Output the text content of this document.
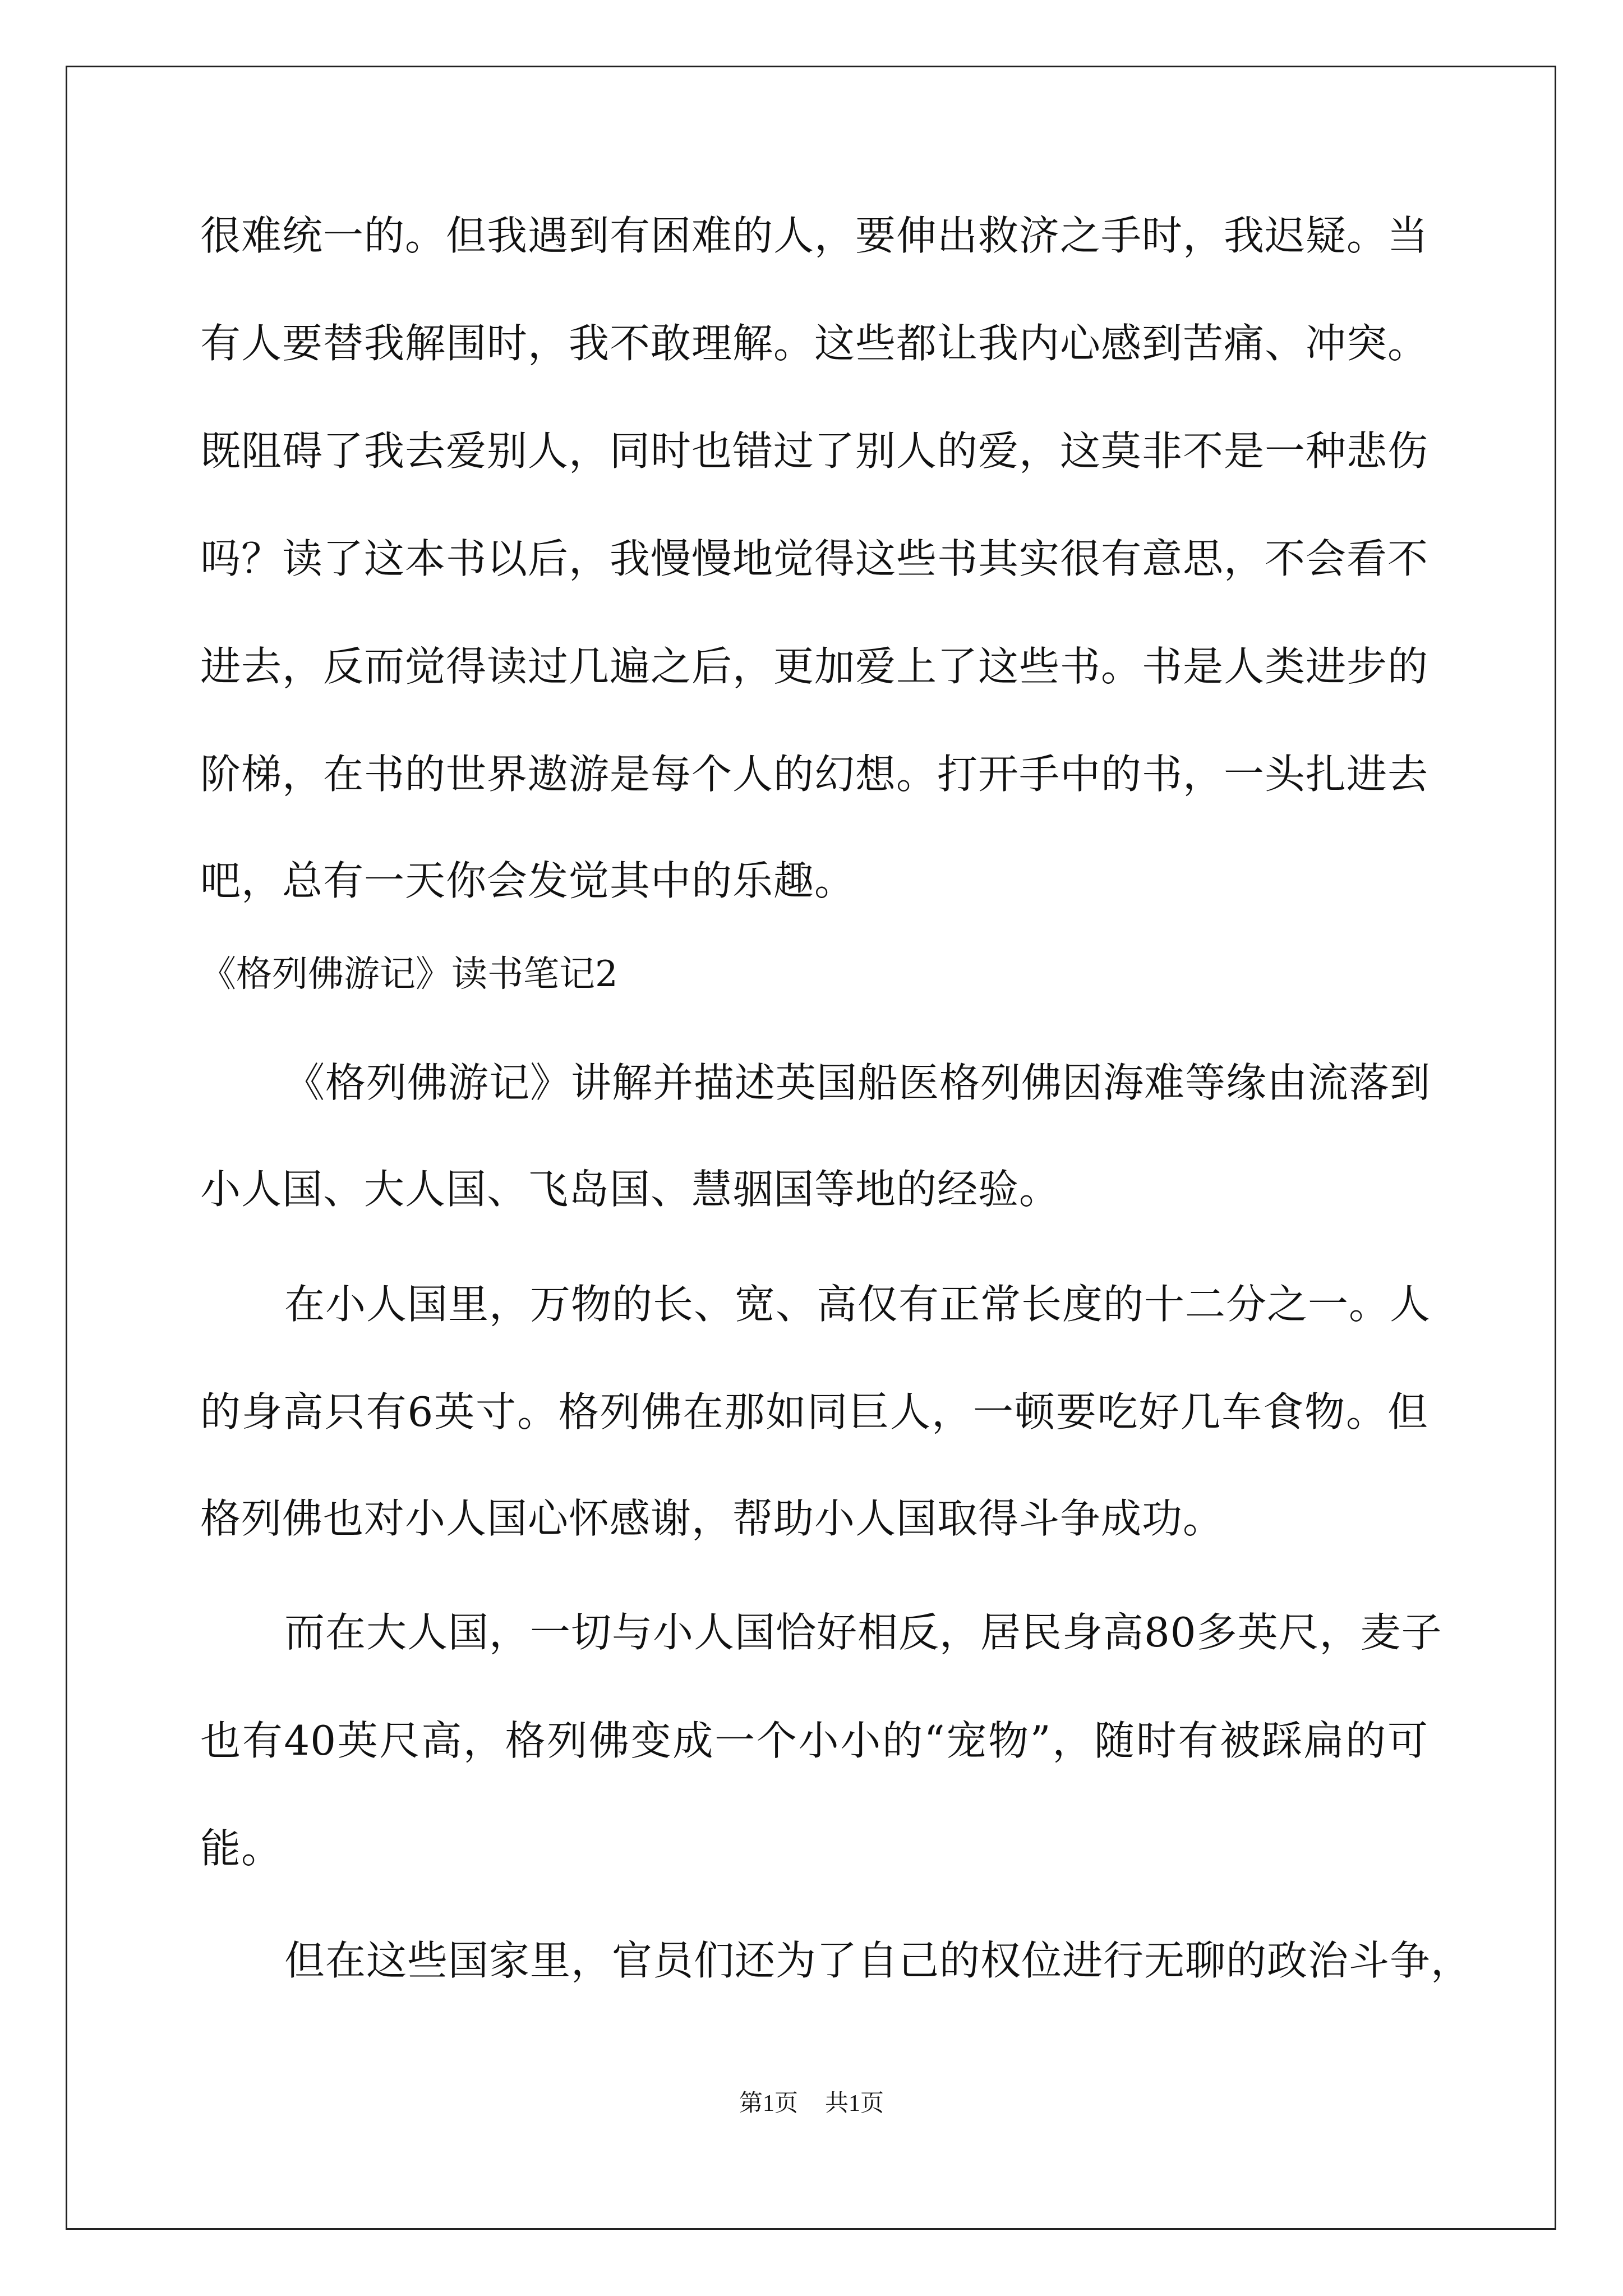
很难统一的。但我遇到有困难的人，要伸出救济之手时，我迟疑。当
有人要替我解围时，我不敢理解。这些都让我内心感到苦痛、冲突。
既阻碍了我去爱别人，同时也错过了别人的爱，这莫非不是一种悲伤
吗？读了这本书以后，我慢慢地觉得这些书其实很有意思，不会看不
进去，反而觉得读过几遍之后，更加爱上了这些书。书是人类进步的
阶梯，在书的世界遨游是每个人的幻想。打开手中的书，一头扎进去
吧，总有一天你会发觉其中的乐趣。
《格列佛游记》读书笔记2
《格列佛游记》讲解并描述英国船医格列佛因海难等缘由流落到
小人国、大人国、飞岛国、慧骃国等地的经验。
在小人国里，万物的长、宽、高仅有正常长度的十二分之一。人
的身高只有6英寸。格列佛在那如同巨人，一顿要吃好几车食物。但
格列佛也对小人国心怀感谢，帮助小人国取得斗争成功。
而在大人国，一切与小人国恰好相反，居民身高80多英尺，麦子
也有40英尺高，格列佛变成一个小小的“宠物”，随时有被踩扁的可
能。
但在这些国家里，官员们还为了自己的权位进行无聊的政治斗争，
第1页 共1页
